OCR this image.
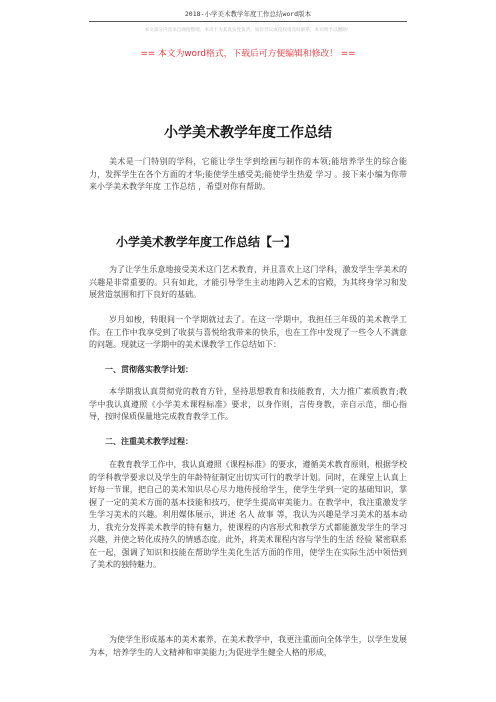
2018-小学美术教学年度工作总结word版本
本文部分内容来自网络整理，本司不为其真实性负责，如有异议或侵权请及时联系，本司将予以删除！
== 本文为word格式，下载后可方便编辑和修改！ ==
小学美术教学年度工作总结

美术是一门特别的学科，它能让学生学到绘画与制作的本领;能培养学生的综合能力，发挥学生在各个方面的才华;能使学生感受美;能使学生热爱 学习 。接下来小编为你带来小学美术教学年度 工作总结 ，希望对你有帮助。

小学美术教学年度工作总结【一】

为了让学生乐意地接受美术这门艺术教育，并且喜欢上这门学科，激发学生学美术的兴趣是非常重要的。只有如此，才能引导学生主动地跨入艺术的宫殿，为其终身学习和发展营造氛围和打下良好的基础。

岁月如梭，转眼间一个学期就过去了。在这一学期中，我担任三年级的美术教学工作。在工作中我享受到了收获与喜悦给我带来的快乐，也在工作中发现了一些令人不满意的问题。现就这一学期中的美术课教学工作总结如下：

一、贯彻落实教学计划：

本学期我认真贯彻党的教育方针，坚持思想教育和技能教育，大力推广素质教育;教学中我认真遵照《小学美术课程标准》要求，以身作则，言传身教，亲自示范，细心指导，按时保质保量地完成教育教学工作。

二、注重美术教学过程：

在教育教学工作中，我认真遵照《课程标准》的要求，遵循美术教育原则，根据学校的学科教学要求以及学生的年龄特征制定出切实可行的教学计划。同时，在课堂上认真上好每一节课，把自己的美术知识尽心尽力地传授给学生，使学生学到一定的基础知识，掌握了一定的美术方面的基本技能和技巧，使学生提高审美能力。在教学中，我注重激发学生学习美术的兴趣。利用媒体展示，讲述 名人 故事 等，我认为兴趣是学习美术的基本动力，我充分发挥美术教学的特有魅力，使课程的内容形式和教学方式都能激发学生的学习兴趣，并使之转化成持久的情感态度。此外，将美术课程内容与学生的生活 经验 紧密联系在一起，强调了知识和技能在帮助学生美化生活方面的作用，使学生在实际生活中领悟到了美术的独特魅力。

为使学生形成基本的美术素养，在美术教学中，我更注重面向全体学生，以学生发展为本，培养学生的人文精神和审美能力;为促进学生健全人格的形成，
